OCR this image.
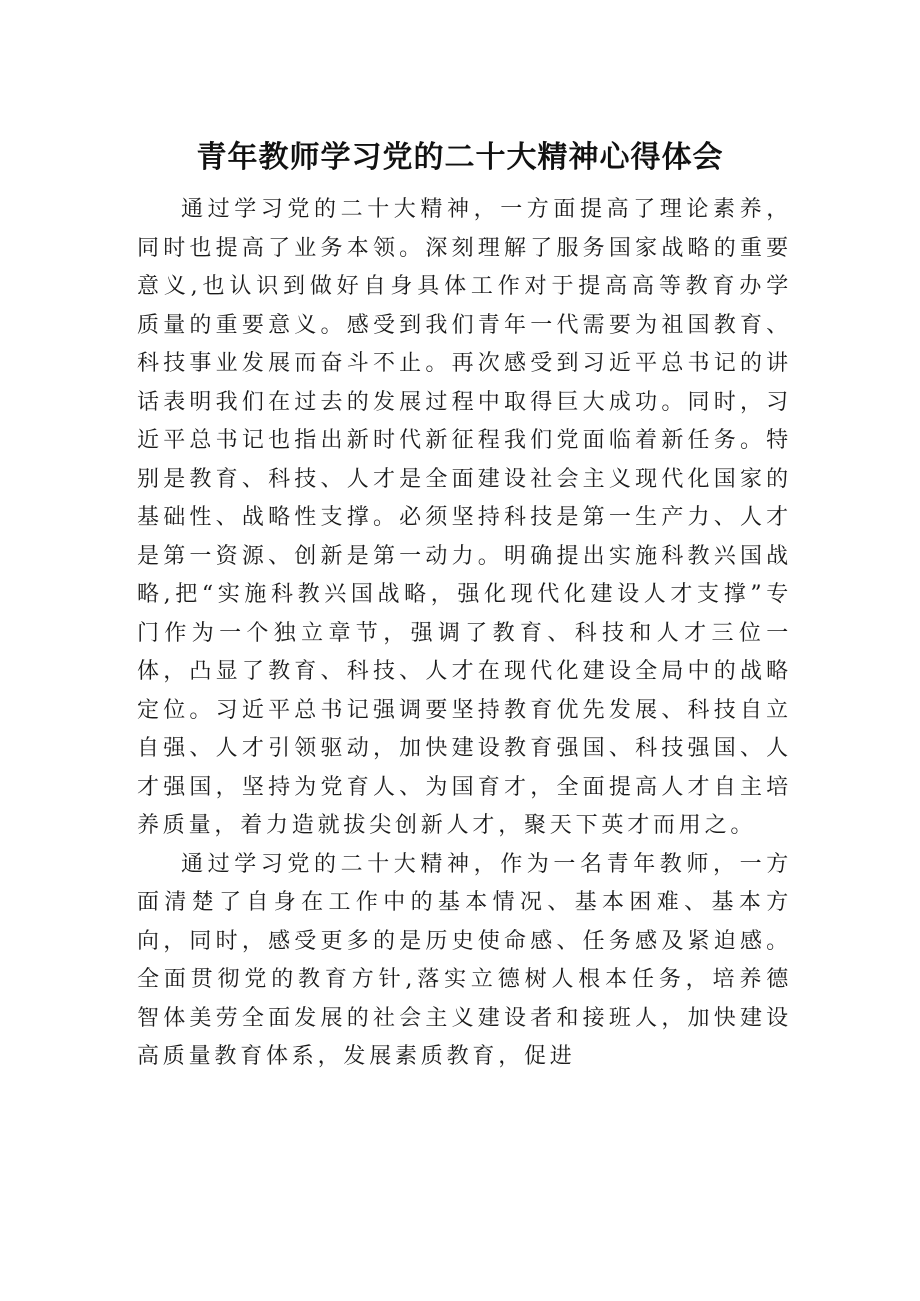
青年教师学习党的二十大精神心得体会

通过学习党的二十大精神，一方面提高了理论素养，同时也提高了业务本领。深刻理解了服务国家战略的重要意义,也认识到做好自身具体工作对于提高高等教育办学质量的重要意义。感受到我们青年一代需要为祖国教育、科技事业发展而奋斗不止。再次感受到习近平总书记的讲话表明我们在过去的发展过程中取得巨大成功。同时，习近平总书记也指出新时代新征程我们党面临着新任务。特别是教育、科技、人才是全面建设社会主义现代化国家的基础性、战略性支撑。必须坚持科技是第一生产力、人才是第一资源、创新是第一动力。明确提出实施科教兴国战略,把“实施科教兴国战略，强化现代化建设人才支撑”专门作为一个独立章节，强调了教育、科技和人才三位一体，凸显了教育、科技、人才在现代化建设全局中的战略定位。习近平总书记强调要坚持教育优先发展、科技自立自强、人才引领驱动，加快建设教育强国、科技强国、人才强国，坚持为党育人、为国育才，全面提高人才自主培养质量，着力造就拔尖创新人才，聚天下英才而用之。

通过学习党的二十大精神，作为一名青年教师，一方面清楚了自身在工作中的基本情况、基本困难、基本方向，同时，感受更多的是历史使命感、任务感及紧迫感。全面贯彻党的教育方针,落实立德树人根本任务，培养德智体美劳全面发展的社会主义建设者和接班人，加快建设高质量教育体系，发展素质教育，促进
